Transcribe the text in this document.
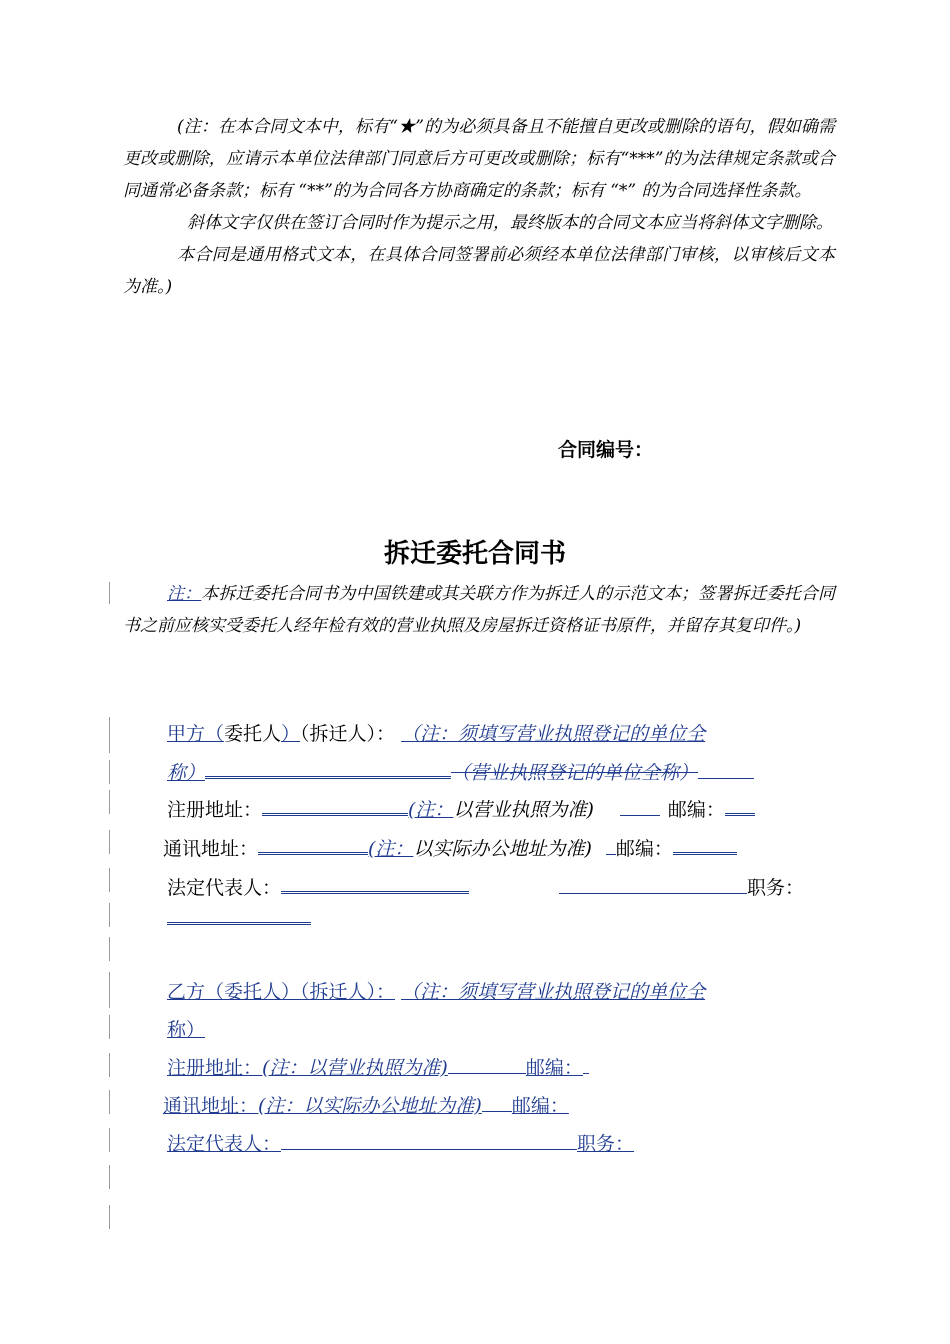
(注：在本合同文本中，标有“★”的为必须具备且不能擅自更改或删除的语句，假如确需更改或删除，应请示本单位法律部门同意后方可更改或删除；标有“***”的为法律规定条款或合同通常必备条款；标有 “**”的为合同各方协商确定的条款；标有 “*” 的为合同选择性条款。

斜体文字仅供在签订合同时作为提示之用，最终版本的合同文本应当将斜体文字删除。

本合同是通用格式文本，在具体合同签署前必须经本单位法律部门审核，以审核后文本为准。)

合同编号：
拆迁委托合同书

注：本拆迁委托合同书为中国铁建或其关联方作为拆迁人的示范文本；签署拆迁委托合同书之前应核实受委托人经年检有效的营业执照及房屋拆迁资格证书原件，并留存其复印件。)

甲方（委托人）（拆迁人）： （注：须填写营业执照登记的单位全
称）	（营业执照登记的单位全称）
注册地址：	(注：以营业执照为准)	邮编：
通讯地址：	(注：以实际办公地址为准) 邮编：
法定代表人：	职务：
乙方（委托人）（拆迁人）： （注：须填写营业执照登记的单位全
称）
注册地址：(注：以营业执照为准)	邮编：
通讯地址：(注：以实际办公地址为准) 邮编：
法定代表人：	职务：
